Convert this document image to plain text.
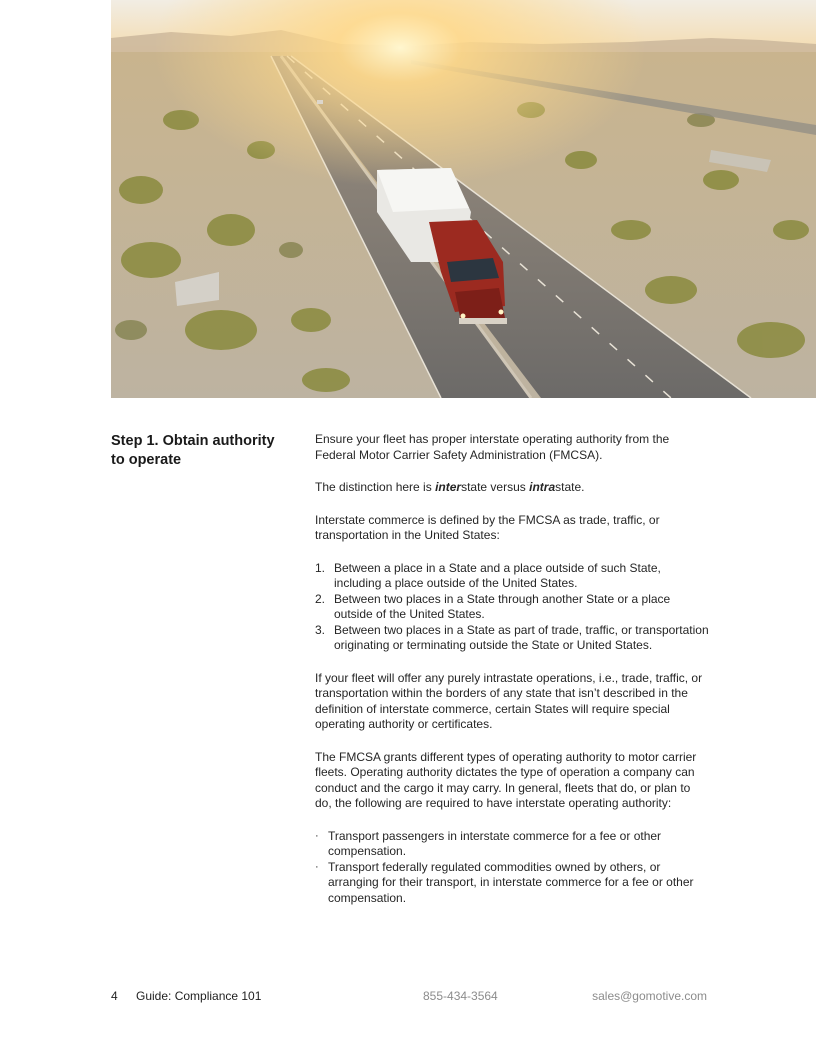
Step 1. Obtain authority to operate

Ensure your fleet has proper interstate operating authority from the Federal Motor Carrier Safety Administration (FMCSA).

The distinction here is interstate versus intrastate.

Interstate commerce is defined by the FMCSA as trade, traffic, or transportation in the United States:

1. Between a place in a State and a place outside of such State, including a place outside of the United States.
2. Between two places in a State through another State or a place outside of the United States.
3. Between two places in a State as part of trade, traffic, or transportation originating or terminating outside the State or United States.

If your fleet will offer any purely intrastate operations, i.e., trade, traffic, or transportation within the borders of any state that isn’t described in the definition of interstate commerce, certain States will require special operating authority or certificates.

The FMCSA grants different types of operating authority to motor carrier fleets. Operating authority dictates the type of operation a company can conduct and the cargo it may carry. In general, fleets that do, or plan to do, the following are required to have interstate operating authority:

· Transport passengers in interstate commerce for a fee or other compensation.
· Transport federally regulated commodities owned by others, or arranging for their transport, in interstate commerce for a fee or other compensation.
4 Guide: Compliance 101	855-434-3564	sales@gomotive.com
